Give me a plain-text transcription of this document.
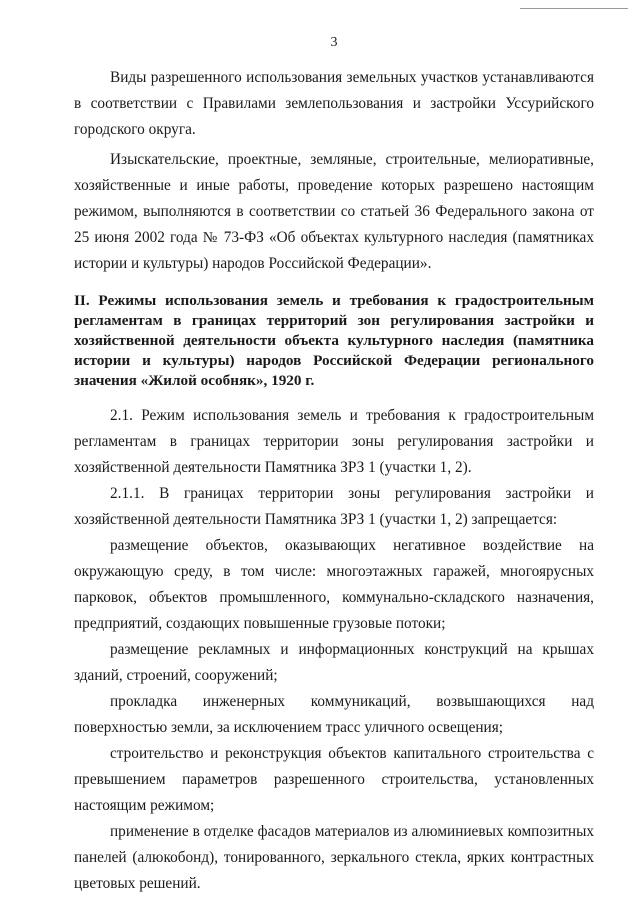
3

Виды разрешенного использования земельных участков устанавливаются в соответствии с Правилами землепользования и застройки Уссурийского городского округа.

Изыскательские, проектные, земляные, строительные, мелиоративные, хозяйственные и иные работы, проведение которых разрешено настоящим режимом, выполняются в соответствии со статьей 36 Федерального закона от 25 июня 2002 года № 73-ФЗ «Об объектах культурного наследия (памятниках истории и культуры) народов Российской Федерации».

II. Режимы использования земель и требования к градостроительным регламентам в границах территорий зон регулирования застройки и хозяйственной деятельности объекта культурного наследия (памятника истории и культуры) народов Российской Федерации регионального значения «Жилой особняк», 1920 г.

2.1. Режим использования земель и требования к градостроительным регламентам в границах территории зоны регулирования застройки и хозяйственной деятельности Памятника ЗРЗ 1 (участки 1, 2).

2.1.1. В границах территории зоны регулирования застройки и хозяйственной деятельности Памятника ЗРЗ 1 (участки 1, 2) запрещается:

размещение объектов, оказывающих негативное воздействие на окружающую среду, в том числе: многоэтажных гаражей, многоярусных парковок, объектов промышленного, коммунально-складского назначения, предприятий, создающих повышенные грузовые потоки;

размещение рекламных и информационных конструкций на крышах зданий, строений, сооружений;

прокладка инженерных коммуникаций, возвышающихся над поверхностью земли, за исключением трасс уличного освещения;

строительство и реконструкция объектов капитального строительства с превышением параметров разрешенного строительства, установленных настоящим режимом;

применение в отделке фасадов материалов из алюминиевых композитных панелей (алюкобонд), тонированного, зеркального стекла, ярких контрастных цветовых решений.
